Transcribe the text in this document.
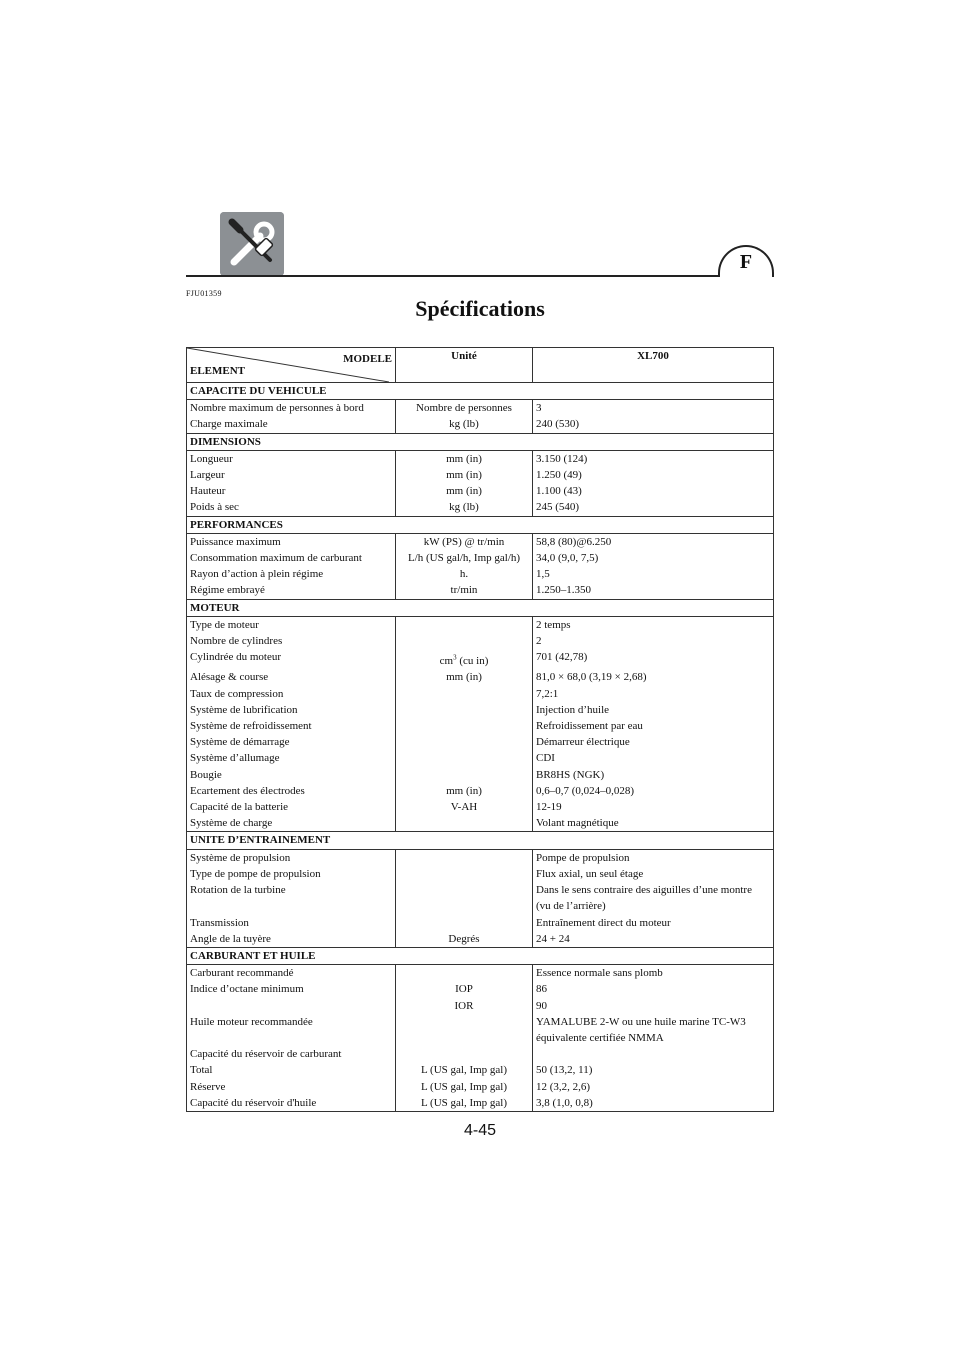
F
FJU01359
Spécifications
MODELE
ELEMENT	Unité	XL700
CAPACITE DU VEHICULE		
Nombre maximum de personnes à bord	Nombre de personnes	3

Charge maximale	kg (lb)	240 (530)

DIMENSIONS		
Longueur	mm (in)	3.150 (124)

Largeur	mm (in)	1.250 (49)

Hauteur	mm (in)	1.100 (43)

Poids à sec	kg (lb)	245 (540)

PERFORMANCES		
Puissance maximum	kW (PS) @ tr/min	58,8 (80)@6.250

Consommation maximum de carburant	L/h (US gal/h, Imp gal/h)	34,0 (9,0, 7,5)

Rayon d’action à plein régime	h.	1,5

Régime embrayé	tr/min	1.250–1.350

MOTEUR		
Type de moteur		2 temps

Nombre de cylindres		2

Cylindrée du moteur	$cm^3$ (cu in)	701 (42,78)

Alésage & course	mm (in)	81,0 × 68,0 (3,19 × 2,68)

Taux de compression		7,2:1

Système de lubrification		Injection d’huile

Système de refroidissement		Refroidissement par eau

Système de démarrage		Démarreur électrique

Système d’allumage		CDI

Bougie		BR8HS (NGK)

Ecartement des électrodes	mm (in)	0,6–0,7 (0,024–0,028)

Capacité de la batterie	V-AH	12-19

Système de charge		Volant magnétique

UNITE D’ENTRAINEMENT		
Système de propulsion		Pompe de propulsion

Type de pompe de propulsion		Flux axial, un seul étage

Rotation de la turbine		Dans le sens contraire des aiguilles d’une montre
(vu de l’arrière)

Transmission		Entraînement direct du moteur

Angle de la tuyère	Degrés	24 + 24

CARBURANT ET HUILE		
Carburant recommandé		Essence normale sans plomb

Indice d’octane minimum	IOP	86

	IOR	90

Huile moteur recommandée		YAMALUBE 2-W ou une huile marine TC-W3
équivalente certifiée NMMA

Capacité du réservoir de carburant		

Total	L (US gal, Imp gal)	50 (13,2, 11)

Réserve	L (US gal, Imp gal)	12 (3,2, 2,6)

Capacité du réservoir d'huile	L (US gal, Imp gal)	3,8 (1,0, 0,8)
4-45
